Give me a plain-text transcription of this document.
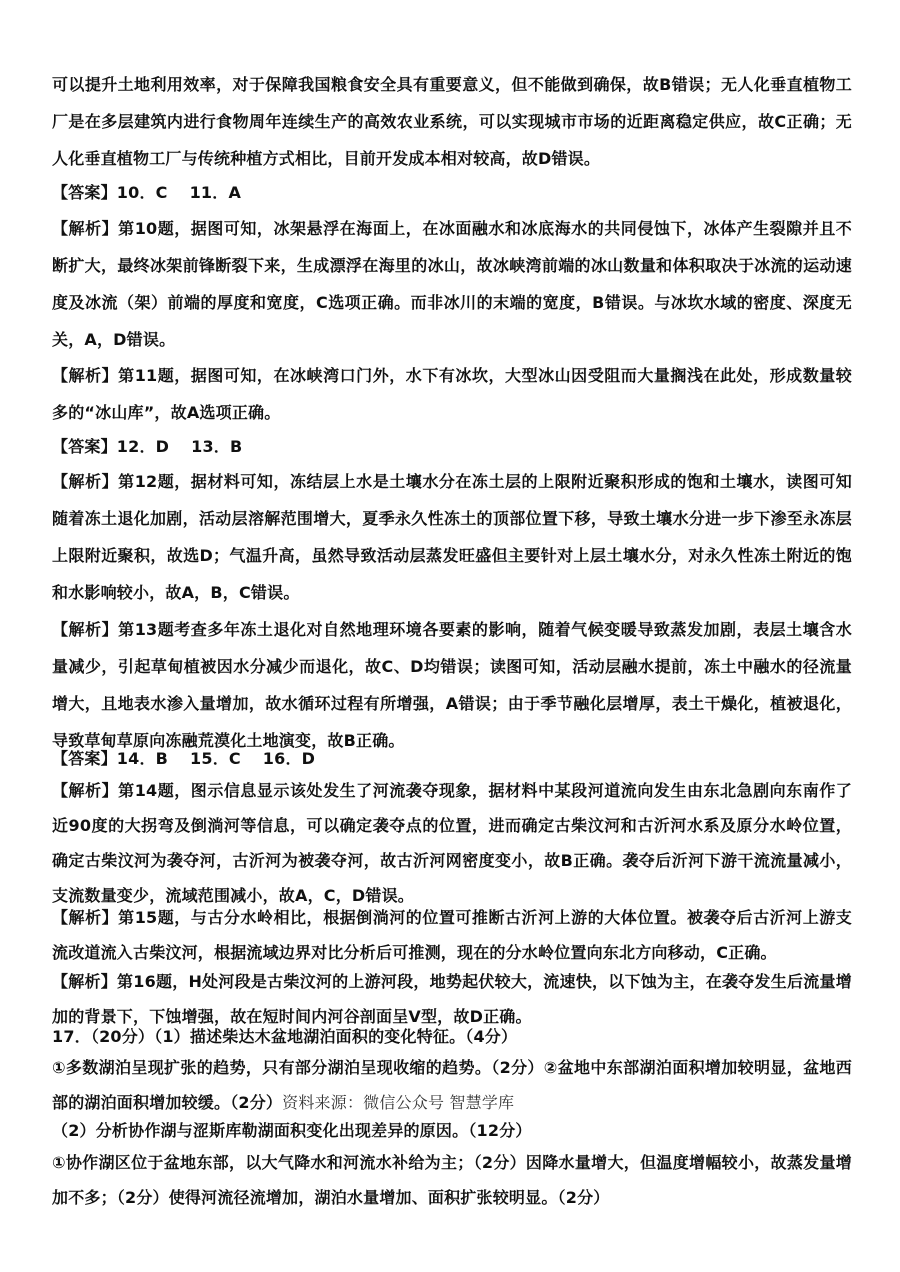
可以提升土地利用效率，对于保障我国粮食安全具有重要意义，但不能做到确保，故B错误；无人化垂直植物工厂是在多层建筑内进行食物周年连续生产的高效农业系统，可以实现城市市场的近距离稳定供应，故C正确；无人化垂直植物工厂与传统种植方式相比，目前开发成本相对较高，故D错误。
【答案】10．C　 11．A
【解析】第10题，据图可知，冰架悬浮在海面上，在冰面融水和冰底海水的共同侵蚀下，冰体产生裂隙并且不断扩大，最终冰架前锋断裂下来，生成漂浮在海里的冰山，故冰峡湾前端的冰山数量和体积取决于冰流的运动速度及冰流（架）前端的厚度和宽度，C选项正确。而非冰川的末端的宽度，B错误。与冰坎水域的密度、深度无关，A，D错误。
【解析】第11题，据图可知，在冰峡湾口门外，水下有冰坎，大型冰山因受阻而大量搁浅在此处，形成数量较多的“冰山库”，故A选项正确。
【答案】12．D　 13．B
【解析】第12题，据材料可知，冻结层上水是土壤水分在冻土层的上限附近聚积形成的饱和土壤水，读图可知随着冻土退化加剧，活动层溶解范围增大，夏季永久性冻土的顶部位置下移，导致土壤水分进一步下渗至永冻层上限附近聚积，故选D；气温升高，虽然导致活动层蒸发旺盛但主要针对上层土壤水分，对永久性冻土附近的饱和水影响较小，故A，B，C错误。
【解析】第13题考查多年冻土退化对自然地理环境各要素的影响，随着气候变暖导致蒸发加剧，表层土壤含水量减少，引起草甸植被因水分减少而退化，故C、D均错误；读图可知，活动层融水提前，冻土中融水的径流量增大，且地表水渗入量增加，故水循环过程有所增强，A错误；由于季节融化层增厚，表土干燥化，植被退化，导致草甸草原向冻融荒漠化土地演变，故B正确。
【答案】14．B　 15．C　 16．D
【解析】第14题，图示信息显示该处发生了河流袭夺现象，据材料中某段河道流向发生由东北急剧向东南作了近90度的大拐弯及倒淌河等信息，可以确定袭夺点的位置，进而确定古柴汶河和古沂河水系及原分水岭位置，确定古柴汶河为袭夺河，古沂河为被袭夺河，故古沂河网密度变小，故B正确。袭夺后沂河下游干流流量减小，支流数量变少，流域范围减小，故A，C，D错误。
【解析】第15题，与古分水岭相比，根据倒淌河的位置可推断古沂河上游的大体位置。被袭夺后古沂河上游支流改道流入古柴汶河，根据流域边界对比分析后可推测，现在的分水岭位置向东北方向移动，C正确。
【解析】第16题，H处河段是古柴汶河的上游河段，地势起伏较大，流速快，以下蚀为主，在袭夺发生后流量增加的背景下，下蚀增强，故在短时间内河谷剖面呈V型，故D正确。
17．（20分）（1）描述柴达木盆地湖泊面积的变化特征。（4分）
①多数湖泊呈现扩张的趋势，只有部分湖泊呈现收缩的趋势。（2分）②盆地中东部湖泊面积增加较明显，盆地西部的湖泊面积增加较缓。（2分）资料来源：微信公众号 智慧学库
（2）分析协作湖与涩斯库勒湖面积变化出现差异的原因。（12分）
①协作湖区位于盆地东部，以大气降水和河流水补给为主；（2分）因降水量增大，但温度增幅较小，故蒸发量增加不多；（2分）使得河流径流增加，湖泊水量增加、面积扩张较明显。（2分）
